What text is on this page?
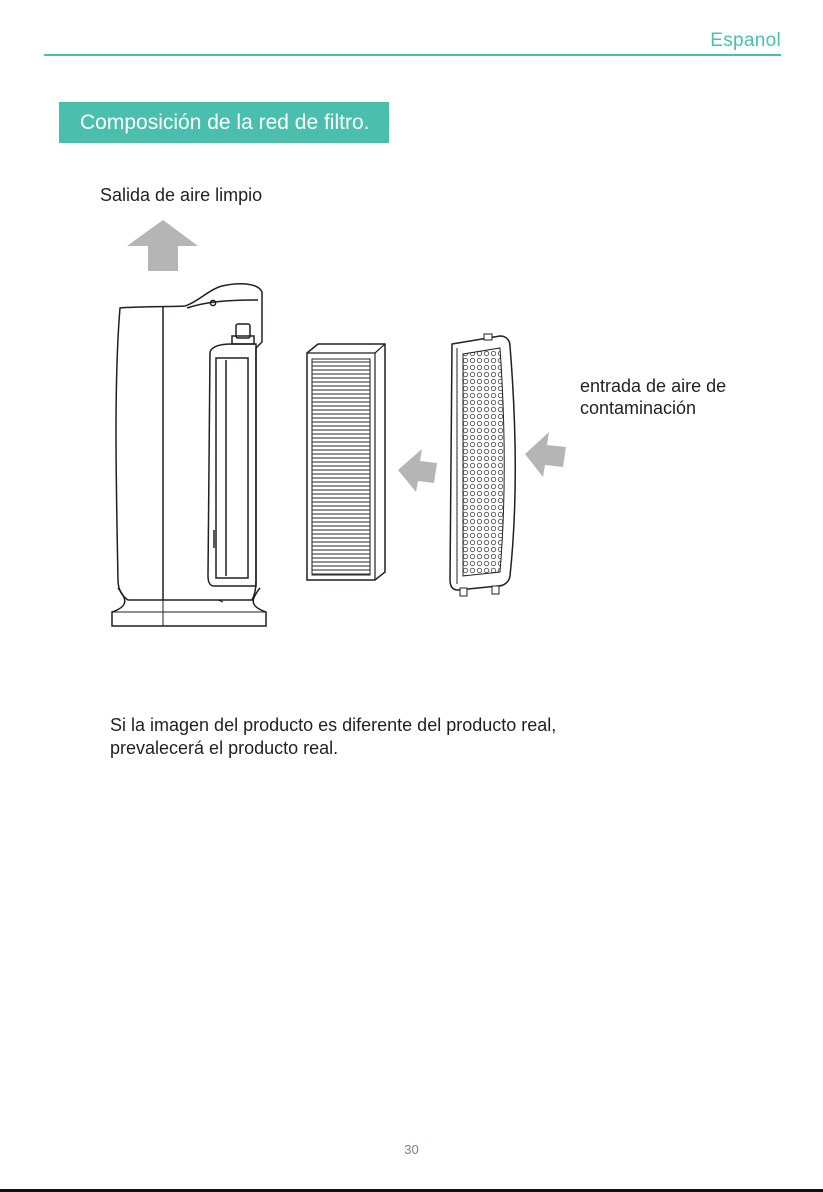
Espanol
Composición de la red de filtro.
Salida de aire limpio
entrada de aire de
contaminación
Si la imagen del producto es diferente del producto real,
prevalecerá el producto real.
30
